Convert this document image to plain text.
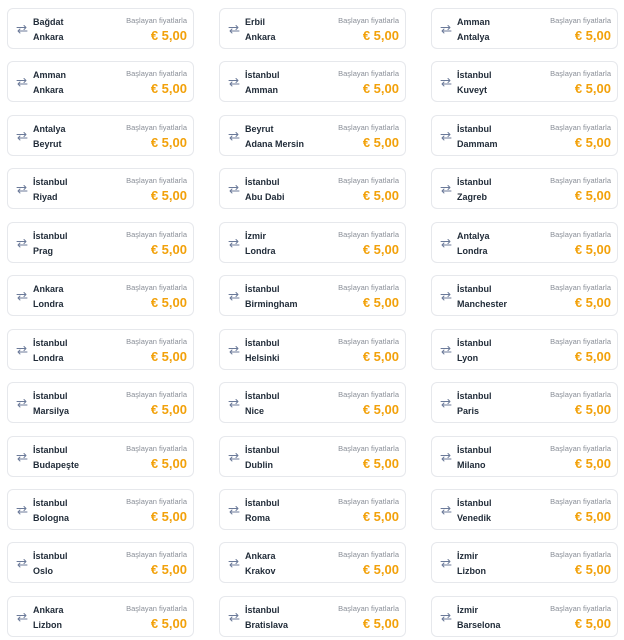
Bağdat
Ankara
Başlayan fiyatlarla
€ 5,00
Erbil
Ankara
Başlayan fiyatlarla
€ 5,00
Amman
Antalya
Başlayan fiyatlarla
€ 5,00
Amman
Ankara
Başlayan fiyatlarla
€ 5,00
İstanbul
Amman
Başlayan fiyatlarla
€ 5,00
İstanbul
Kuveyt
Başlayan fiyatlarla
€ 5,00
Antalya
Beyrut
Başlayan fiyatlarla
€ 5,00
Beyrut
Adana Mersin
Başlayan fiyatlarla
€ 5,00
İstanbul
Dammam
Başlayan fiyatlarla
€ 5,00
İstanbul
Riyad
Başlayan fiyatlarla
€ 5,00
İstanbul
Abu Dabi
Başlayan fiyatlarla
€ 5,00
İstanbul
Zagreb
Başlayan fiyatlarla
€ 5,00
İstanbul
Prag
Başlayan fiyatlarla
€ 5,00
İzmir
Londra
Başlayan fiyatlarla
€ 5,00
Antalya
Londra
Başlayan fiyatlarla
€ 5,00
Ankara
Londra
Başlayan fiyatlarla
€ 5,00
İstanbul
Birmingham
Başlayan fiyatlarla
€ 5,00
İstanbul
Manchester
Başlayan fiyatlarla
€ 5,00
İstanbul
Londra
Başlayan fiyatlarla
€ 5,00
İstanbul
Helsinki
Başlayan fiyatlarla
€ 5,00
İstanbul
Lyon
Başlayan fiyatlarla
€ 5,00
İstanbul
Marsilya
Başlayan fiyatlarla
€ 5,00
İstanbul
Nice
Başlayan fiyatlarla
€ 5,00
İstanbul
Paris
Başlayan fiyatlarla
€ 5,00
İstanbul
Budapeşte
Başlayan fiyatlarla
€ 5,00
İstanbul
Dublin
Başlayan fiyatlarla
€ 5,00
İstanbul
Milano
Başlayan fiyatlarla
€ 5,00
İstanbul
Bologna
Başlayan fiyatlarla
€ 5,00
İstanbul
Roma
Başlayan fiyatlarla
€ 5,00
İstanbul
Venedik
Başlayan fiyatlarla
€ 5,00
İstanbul
Oslo
Başlayan fiyatlarla
€ 5,00
Ankara
Krakov
Başlayan fiyatlarla
€ 5,00
İzmir
Lizbon
Başlayan fiyatlarla
€ 5,00
Ankara
Lizbon
Başlayan fiyatlarla
€ 5,00
İstanbul
Bratislava
Başlayan fiyatlarla
€ 5,00
İzmir
Barselona
Başlayan fiyatlarla
€ 5,00
